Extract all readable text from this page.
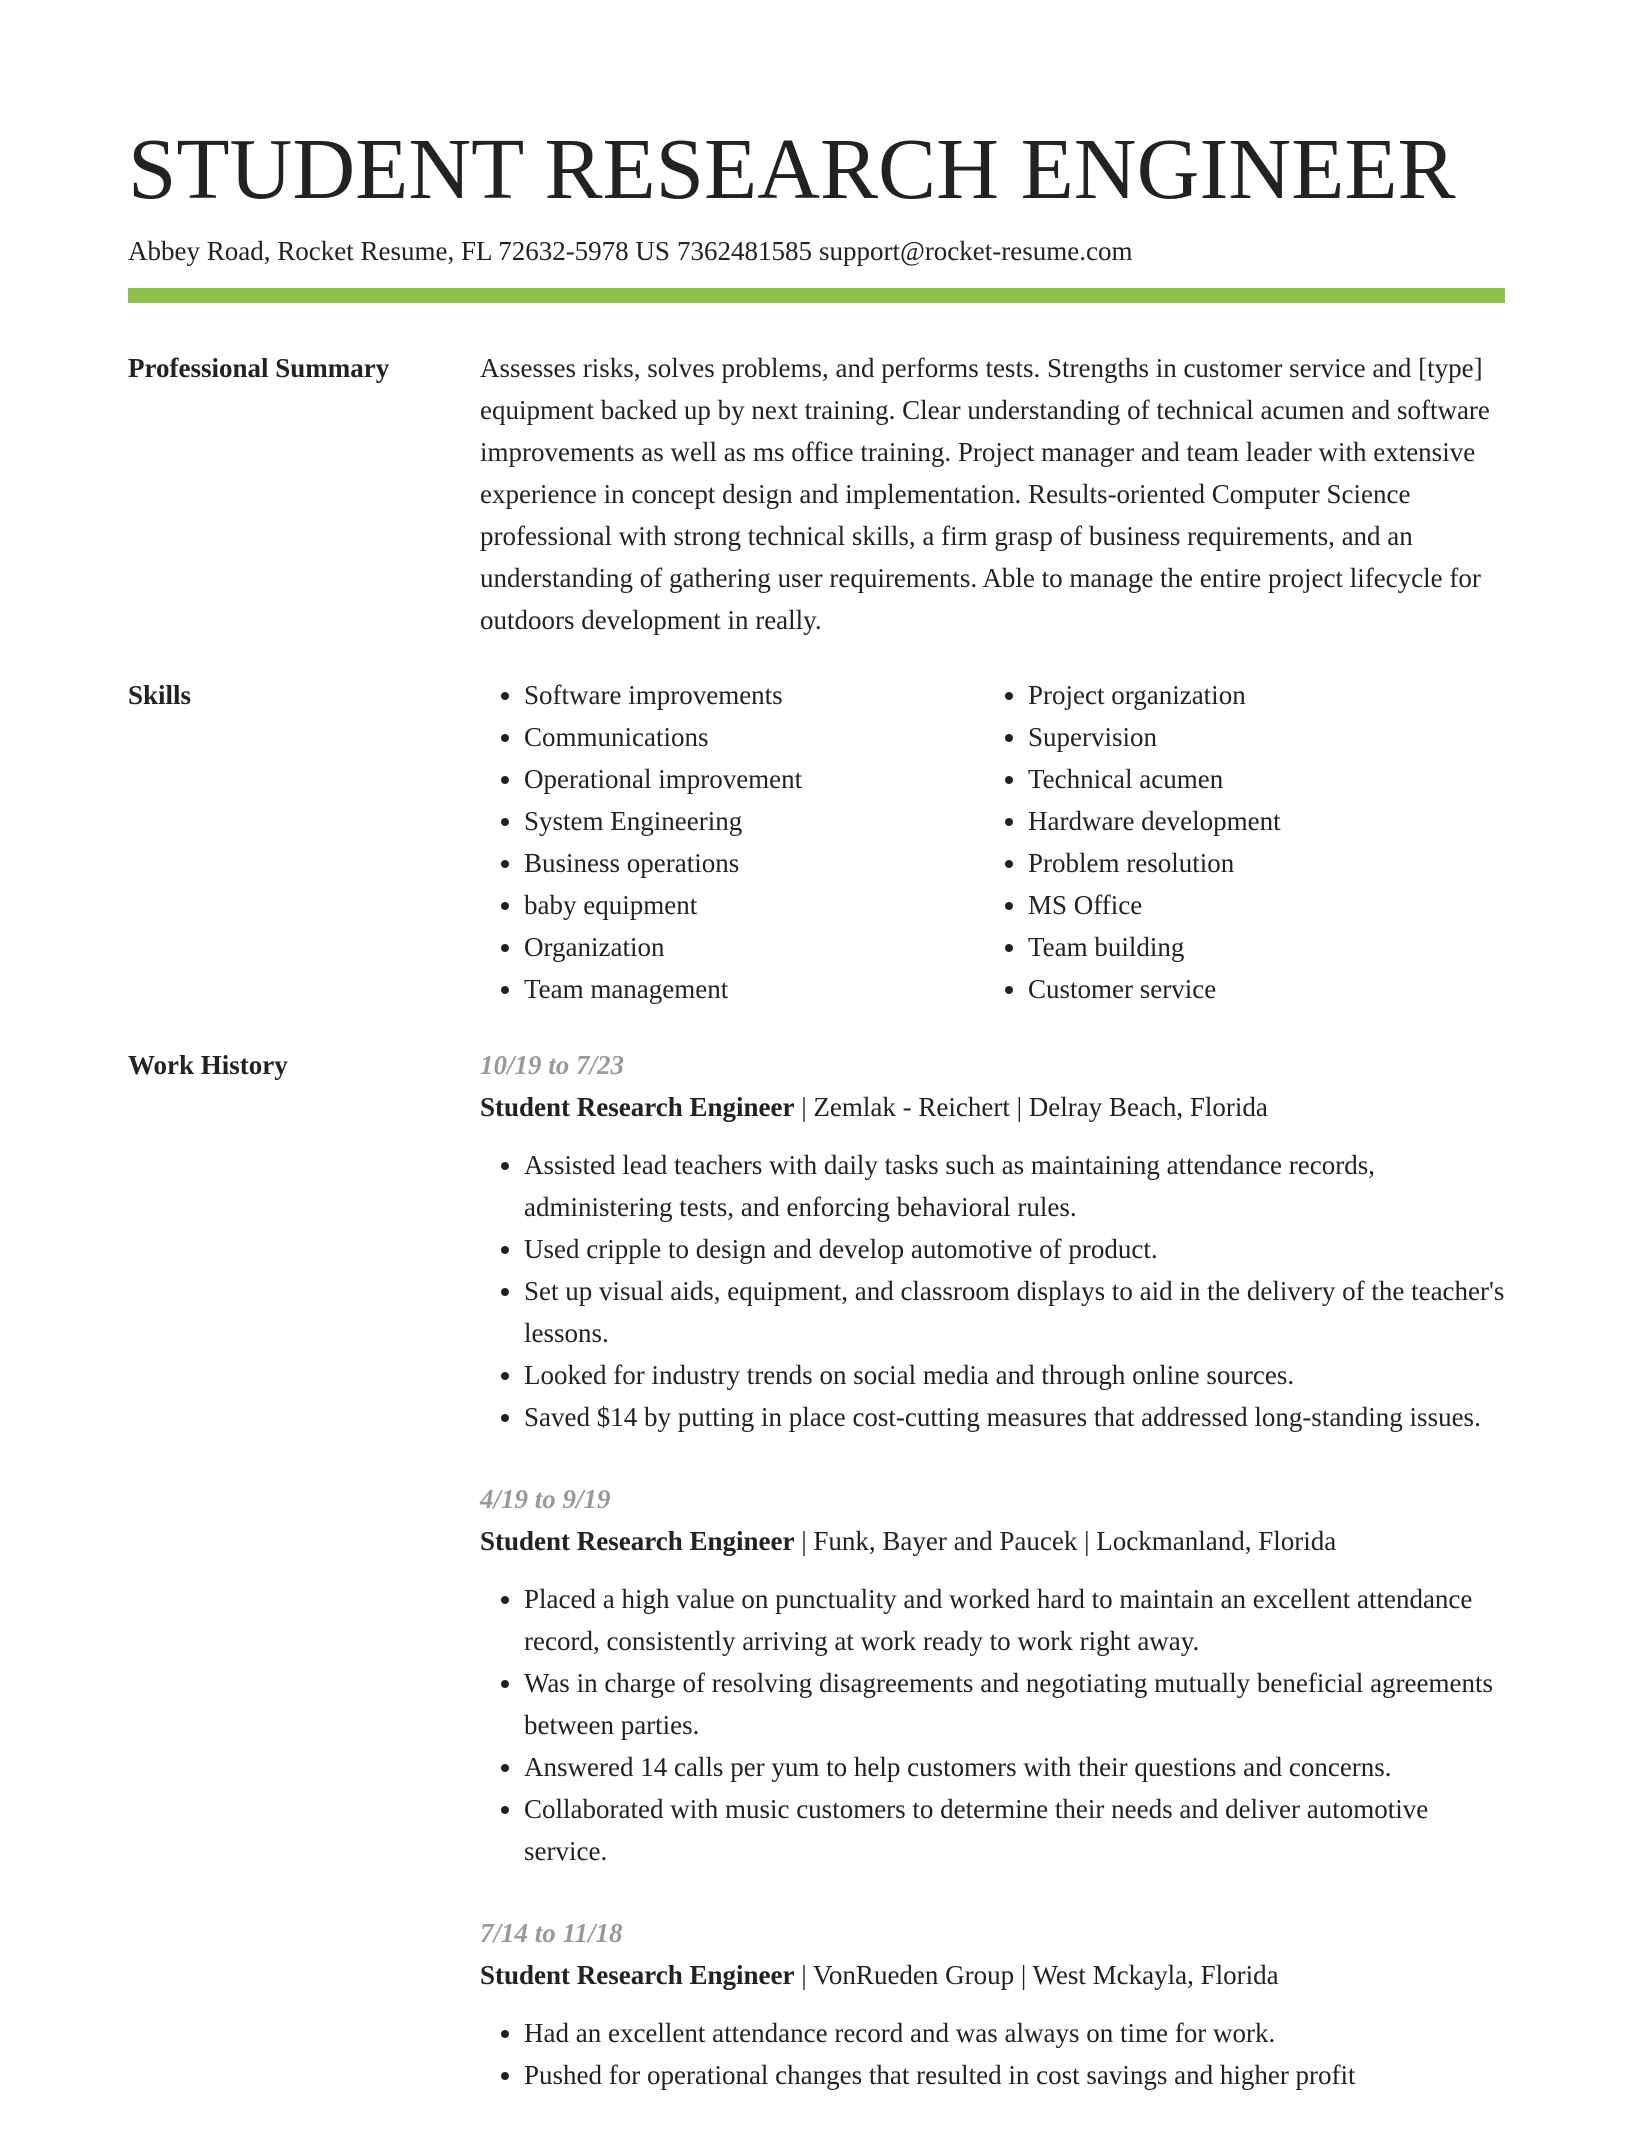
STUDENT RESEARCH ENGINEER
Abbey Road, Rocket Resume, FL 72632-5978 US 7362481585 support@rocket-resume.com
Professional Summary	Assesses risks, solves problems, and performs tests. Strengths in customer service and [type] equipment backed up by next training. Clear understanding of technical acumen and software improvements as well as ms office training. Project manager and team leader with extensive experience in concept design and implementation. Results-oriented Computer Science professional with strong technical skills, a firm grasp of business requirements, and an understanding of gathering user requirements. Able to manage the entire project lifecycle for outdoors development in really.

Skills
•	Software improvements
• Communications
• Operational improvement
• System Engineering
• Business operations
• baby equipment
• Organization
• Team management
• Project organization
• Supervision
• Technical acumen
• Hardware development
• Problem resolution
• MS Office
• Team building
• Customer service
Work History	10/19 to 7/23
Student Research Engineer | Zemlak - Reichert | Delray Beach, Florida
• Assisted lead teachers with daily tasks such as maintaining attendance records, administering tests, and enforcing behavioral rules.
• Used cripple to design and develop automotive of product.
• Set up visual aids, equipment, and classroom displays to aid in the delivery of the teacher's lessons.
• Looked for industry trends on social media and through online sources.
• Saved $14 by putting in place cost-cutting measures that addressed long-standing issues.
4/19 to 9/19
Student Research Engineer | Funk, Bayer and Paucek | Lockmanland, Florida
• Placed a high value on punctuality and worked hard to maintain an excellent attendance record, consistently arriving at work ready to work right away.
• Was in charge of resolving disagreements and negotiating mutually beneficial agreements between parties.
• Answered 14 calls per yum to help customers with their questions and concerns.
• Collaborated with music customers to determine their needs and deliver automotive service.
7/14 to 11/18
Student Research Engineer | VonRueden Group | West Mckayla, Florida
• Had an excellent attendance record and was always on time for work.
• Pushed for operational changes that resulted in cost savings and higher profit
